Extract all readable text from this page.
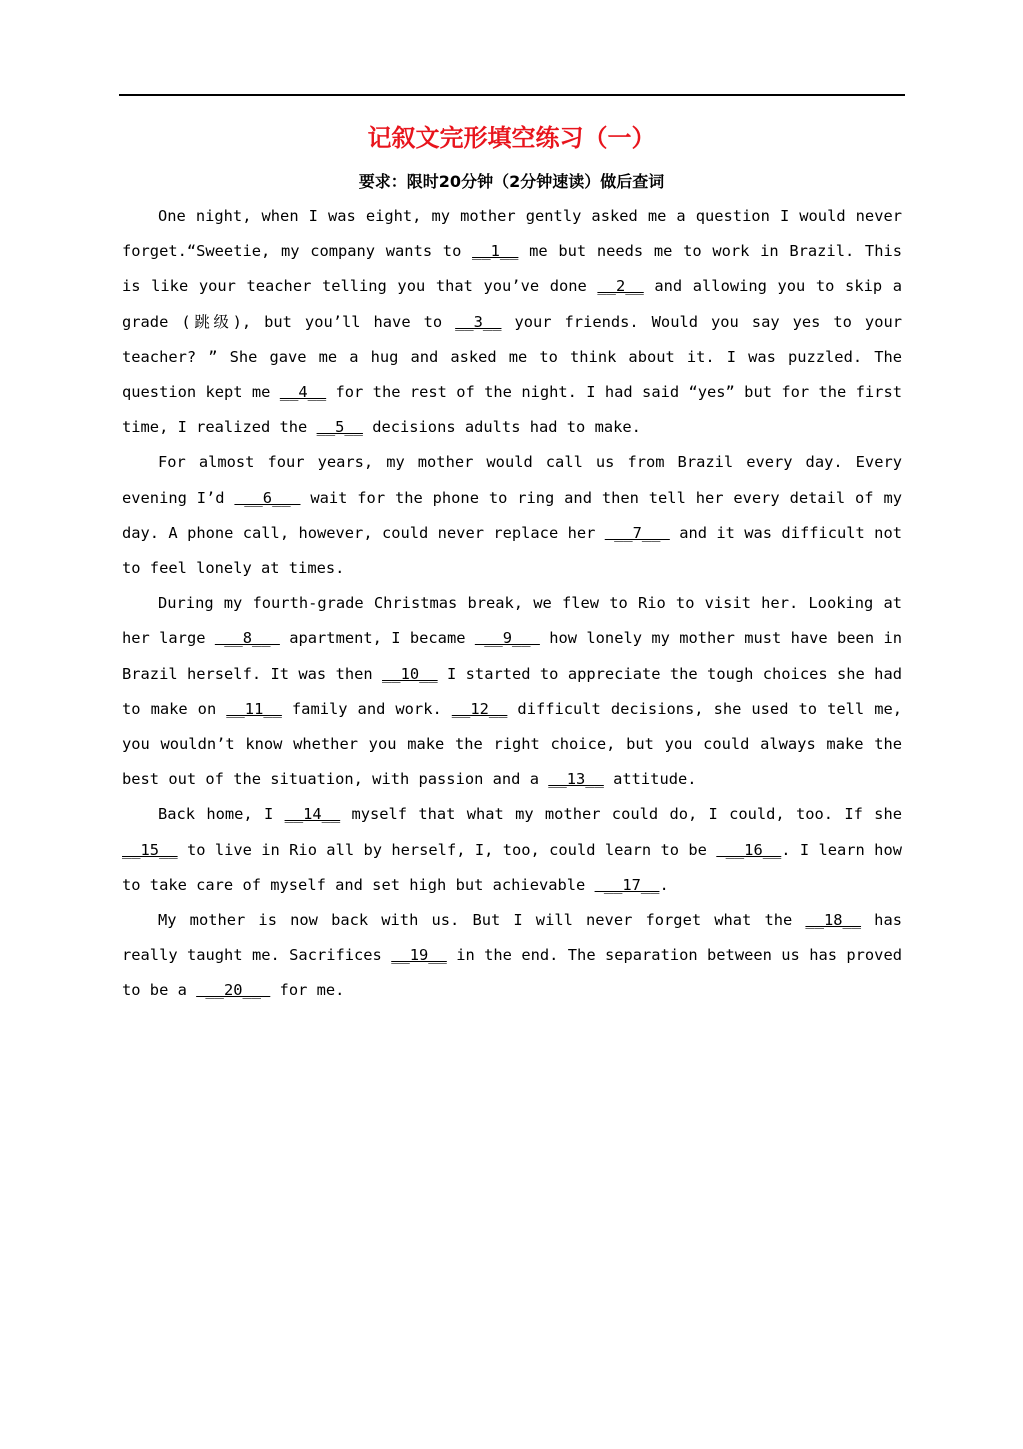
记叙文完形填空练习（一）
要求：限时20分钟（2分钟速读）做后查词

One night, when I was eight, my mother gently asked me a question I would never forget.“Sweetie, my company wants to __1__ me but needs me to work in Brazil. This is like your teacher telling you that you’ve done __2__ and allowing you to skip a grade (跳级), but you’ll have to __3__ your friends. Would you say yes to your teacher? ” She gave me a hug and asked me to think about it. I was puzzled. The question kept me __4__ for the rest of the night. I had said “yes” but for the first time, I realized the __5__ decisions adults had to make.

For almost four years, my mother would call us from Brazil every day. Every evening I’d  __6__  wait for the phone to ring and then tell her every detail of my day. A phone call, however, could never replace her  __7__  and it was difficult not to feel lonely at times.

During my fourth-grade Christmas break, we flew to Rio to visit her. Looking at her large  __8__  apartment, I became  __9__  how lonely my mother must have been in Brazil herself. It was then __10__ I started to appreciate the tough choices she had to make on __11__ family and work. __12__ difficult decisions, she used to tell me, you wouldn’t know whether you make the right choice, but you could always make the best out of the situation, with passion and a __13__ attitude.

Back home, I __14__ myself that what my mother could do, I could, too. If she __15__ to live in Rio all by herself, I, too, could learn to be  __16__. I learn how to take care of myself and set high but achievable  __17__.

My mother is now back with us. But I will never forget what the __18__ has really taught me. Sacrifices __19__ in the end. The separation between us has proved to be a  __20__  for me.
